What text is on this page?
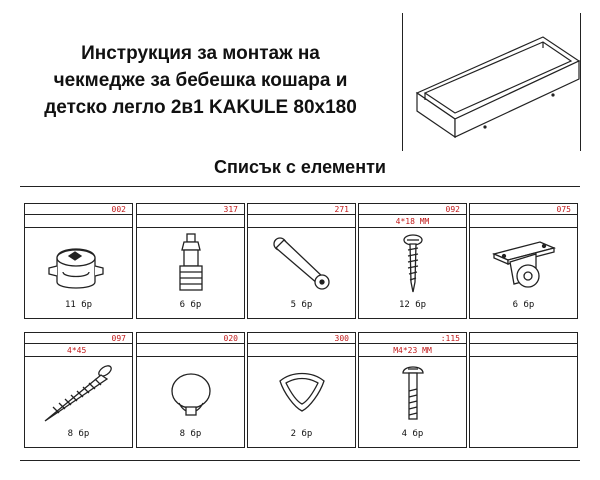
Инструкция за монтаж на
чекмедже за бебешка кошара и
детско легло 2в1 KAKULE 80x180
Списък с елементи
002
11 бр
317
6 бр
271
5 бр
092
4*18 MM
12 бр
075
6 бр
097
4*45
8 бр
020
8 бр
300
2 бр
:115
M4*23 MM
4 бр
